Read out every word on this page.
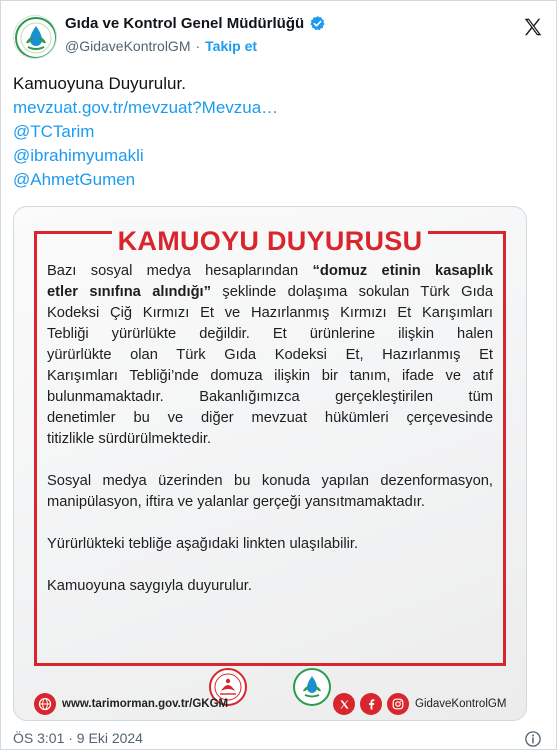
Gıda ve Kontrol Genel Müdürlüğü
@GidaveKontrolGM · Takip et
Kamuoyuna Duyurulur.
mevzuat.gov.tr/mevzuat?Mevzua…
@TCTarim
@ibrahimyumakli
@AhmetGumen
KAMUOYU DUYURUSU
Bazı sosyal medya hesaplarından “domuz etinin kasaplık
etler sınıfına alındığı” şeklinde dolaşıma sokulan Türk Gıda
Kodeksi Çiğ Kırmızı Et ve Hazırlanmış Kırmızı Et Karışımları
Tebliği yürürlükte değildir. Et ürünlerine ilişkin halen
yürürlükte olan Türk Gıda Kodeksi Et, Hazırlanmış Et
Karışımları Tebliği’nde domuza ilişkin bir tanım, ifade ve atıf
bulunmamaktadır. Bakanlığımızca gerçekleştirilen tüm
denetimler bu ve diğer mevzuat hükümleri çerçevesinde
titizlikle sürdürülmektedir.
Sosyal medya üzerinden bu konuda yapılan dezenformasyon,
manipülasyon, iftira ve yalanlar gerçeği yansıtmamaktadır.
Yürürlükteki tebliğe aşağıdaki linkten ulaşılabilir.
Kamuoyuna saygıyla duyurulur.
www.tarimorman.gov.tr/GKGM	GidaveKontrolGM
ÖS 3:01 · 9 Eki 2024
